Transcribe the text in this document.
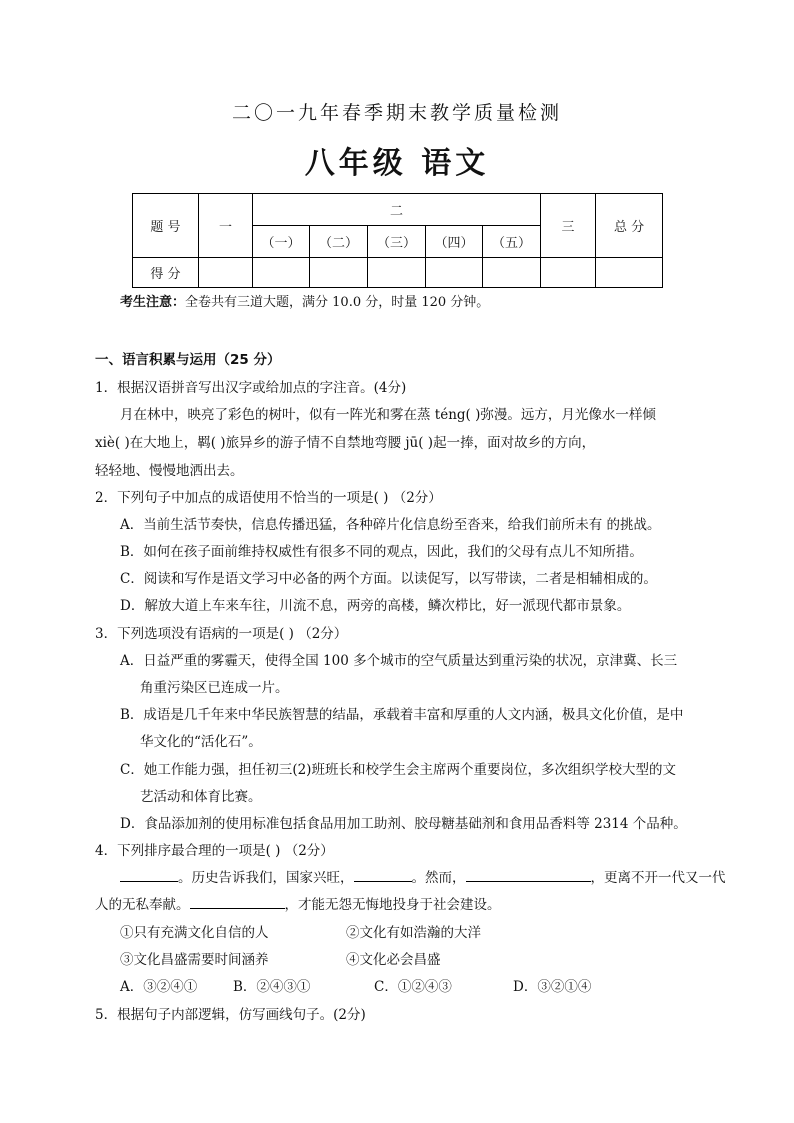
二〇一九年春季期末教学质量检测
八年级 语文
题 号	一	二					三	总 分
		（一）	（二）	（三）	（四）	（五）		
得 分								
考生注意：全卷共有三道大题，满分 10.0 分，时量 120 分钟。
一、语言积累与运用（25 分）
1．根据汉语拼音写出汉字或给加点的字注音。(4分)
月在林中，映亮了彩色的树叶，似有一阵光和雾在蒸 téng( )弥漫。远方，月光像水一样倾
xiè( )在大地上，羁( )旅异乡的游子情不自禁地弯腰 jū( )起一捧，面对故乡的方向，
轻轻地、慢慢地洒出去。
2．下列句子中加点的成语使用不恰当的一项是( ) （2分）
A．当前生活节奏快，信息传播迅猛，各种碎片化信息纷至沓来，给我们前所未有 的挑战。
B．如何在孩子面前维持权威性有很多不同的观点，因此，我们的父母有点儿不知所措。
C．阅读和写作是语文学习中必备的两个方面。以读促写，以写带读，二者是相辅相成的。
D．解放大道上车来车往，川流不息，两旁的高楼，鳞次栉比，好一派现代都市景象。
3．下列选项没有语病的一项是( ) （2分）
A．日益严重的雾霾天，使得全国 100 多个城市的空气质量达到重污染的状况，京津冀、长三
角重污染区已连成一片。
B．成语是几千年来中华民族智慧的结晶，承载着丰富和厚重的人文内涵，极具文化价值，是中
华文化的“活化石”。
C．她工作能力强，担任初三(2)班班长和校学生会主席两个重要岗位，多次组织学校大型的文
艺活动和体育比赛。
D．食品添加剂的使用标准包括食品用加工助剂、胶母糖基础剂和食用品香料等 2314 个品种。
4．下列排序最合理的一项是( ) （2分）
。历史告诉我们，国家兴旺，	。然而，	，更离不开一代又一代
人的无私奉献。	，才能无怨无悔地投身于社会建设。
①只有充满文化自信的人	②文化有如浩瀚的大洋
③文化昌盛需要时间涵养	④文化必会昌盛
A．③②④①	B．②④③①	C．①②④③	D．③②①④
5．根据句子内部逻辑，仿写画线句子。(2分)
